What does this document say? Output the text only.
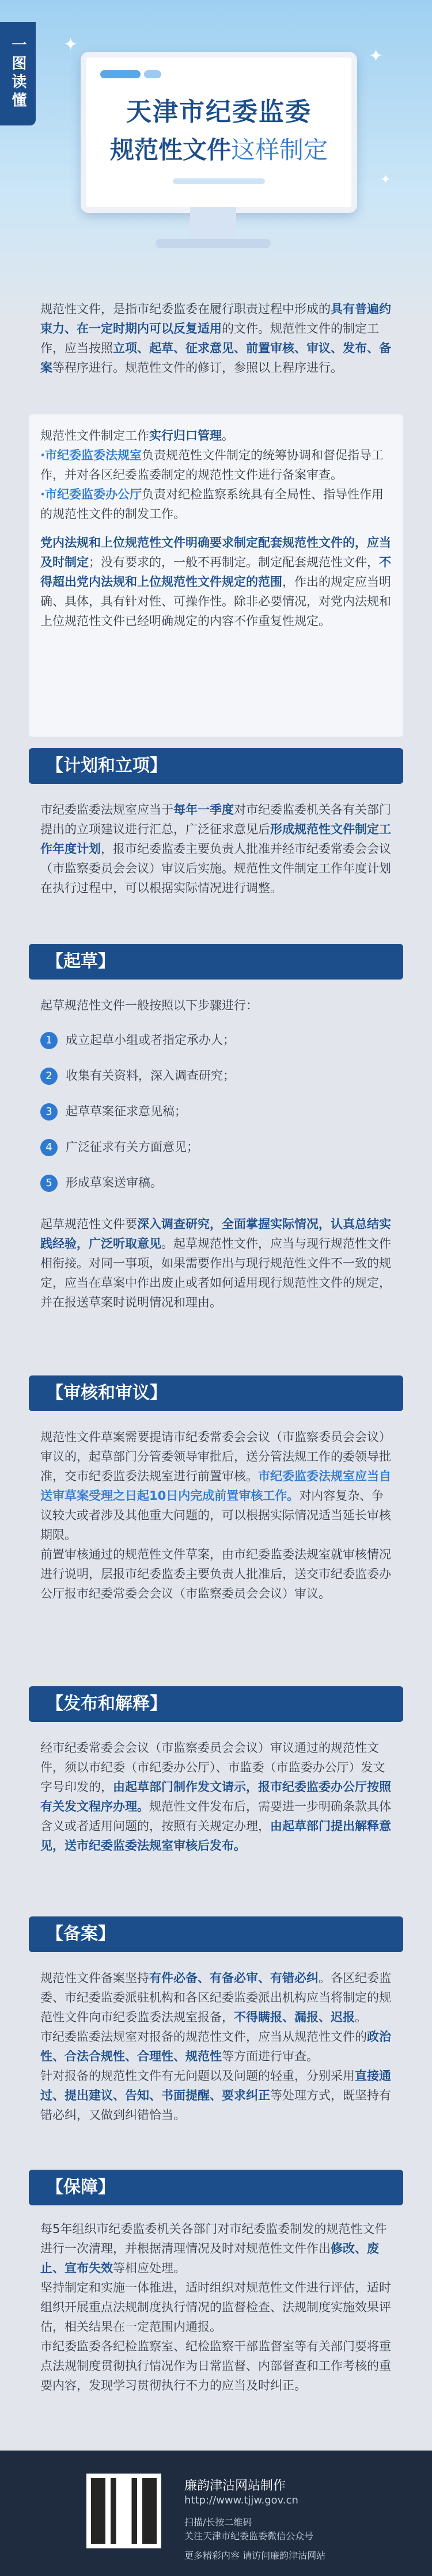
一图读懂	✦
✦
✦
天津市纪委监委
规范性文件这样制定
规范性文件，是指市纪委监委在履行职责过程中形成的具有普遍约束力、在一定时期内可以反复适用的文件。规范性文件的制定工作，应当按照立项、起草、征求意见、前置审核、审议、发布、备案等程序进行。规范性文件的修订，参照以上程序进行。
规范性文件制定工作实行归口管理。
·市纪委监委法规室负责规范性文件制定的统筹协调和督促指导工作，并对各区纪委监委制定的规范性文件进行备案审查。
·市纪委监委办公厅负责对纪检监察系统具有全局性、指导性作用的规范性文件的制发工作。
党内法规和上位规范性文件明确要求制定配套规范性文件的，应当及时制定；没有要求的，一般不再制定。制定配套规范性文件，不得超出党内法规和上位规范性文件规定的范围，作出的规定应当明确、具体，具有针对性、可操作性。除非必要情况，对党内法规和上位规范性文件已经明确规定的内容不作重复性规定。
【计划和立项】
市纪委监委法规室应当于每年一季度对市纪委监委机关各有关部门提出的立项建议进行汇总，广泛征求意见后形成规范性文件制定工作年度计划，报市纪委监委主要负责人批准并经市纪委常委会会议（市监察委员会会议）审议后实施。规范性文件制定工作年度计划在执行过程中，可以根据实际情况进行调整。
【起草】
起草规范性文件一般按照以下步骤进行：
1 成立起草小组或者指定承办人；
2 收集有关资料，深入调查研究；
3 起草草案征求意见稿；
4 广泛征求有关方面意见；
5 形成草案送审稿。
起草规范性文件要深入调查研究，全面掌握实际情况，认真总结实践经验，广泛听取意见。起草规范性文件，应当与现行规范性文件相衔接。对同一事项，如果需要作出与现行规范性文件不一致的规定，应当在草案中作出废止或者如何适用现行规范性文件的规定，并在报送草案时说明情况和理由。
【审核和审议】
规范性文件草案需要提请市纪委常委会会议（市监察委员会会议）审议的，起草部门分管委领导审批后，送分管法规工作的委领导批准，交市纪委监委法规室进行前置审核。市纪委监委法规室应当自送审草案受理之日起10日内完成前置审核工作。对内容复杂、争议较大或者涉及其他重大问题的，可以根据实际情况适当延长审核期限。
前置审核通过的规范性文件草案，由市纪委监委法规室就审核情况进行说明，层报市纪委监委主要负责人批准后，送交市纪委监委办公厅报市纪委常委会会议（市监察委员会会议）审议。
【发布和解释】
经市纪委常委会会议（市监察委员会会议）审议通过的规范性文件，须以市纪委（市纪委办公厅）、市监委（市监委办公厅）发文字号印发的，由起草部门制作发文请示，报市纪委监委办公厅按照有关发文程序办理。规范性文件发布后，需要进一步明确条款具体含义或者适用问题的，按照有关规定办理，由起草部门提出解释意见，送市纪委监委法规室审核后发布。
【备案】
规范性文件备案坚持有件必备、有备必审、有错必纠。各区纪委监委、市纪委监委派驻机构和各区纪委监委派出机构应当将制定的规范性文件向市纪委监委法规室报备，不得瞒报、漏报、迟报。
市纪委监委法规室对报备的规范性文件，应当从规范性文件的政治性、合法合规性、合理性、规范性等方面进行审查。
针对报备的规范性文件有无问题以及问题的轻重，分别采用直接通过、提出建议、告知、书面提醒、要求纠正等处理方式，既坚持有错必纠，又做到纠错恰当。
【保障】
每5年组织市纪委监委机关各部门对市纪委监委制发的规范性文件进行一次清理，并根据清理情况及时对规范性文件作出修改、废止、宣布失效等相应处理。
坚持制定和实施一体推进，适时组织对规范性文件进行评估，适时组织开展重点法规制度执行情况的监督检查、法规制度实施效果评估，相关结果在一定范围内通报。
市纪委监委各纪检监察室、纪检监察干部监督室等有关部门要将重点法规制度贯彻执行情况作为日常监督、内部督查和工作考核的重要内容，发现学习贯彻执行不力的应当及时纠正。
廉韵津沽网站制作
http://www.tjjw.gov.cn
扫描/长按二维码
关注天津市纪委监委微信公众号
更多精彩内容 请访问廉韵津沽网站
